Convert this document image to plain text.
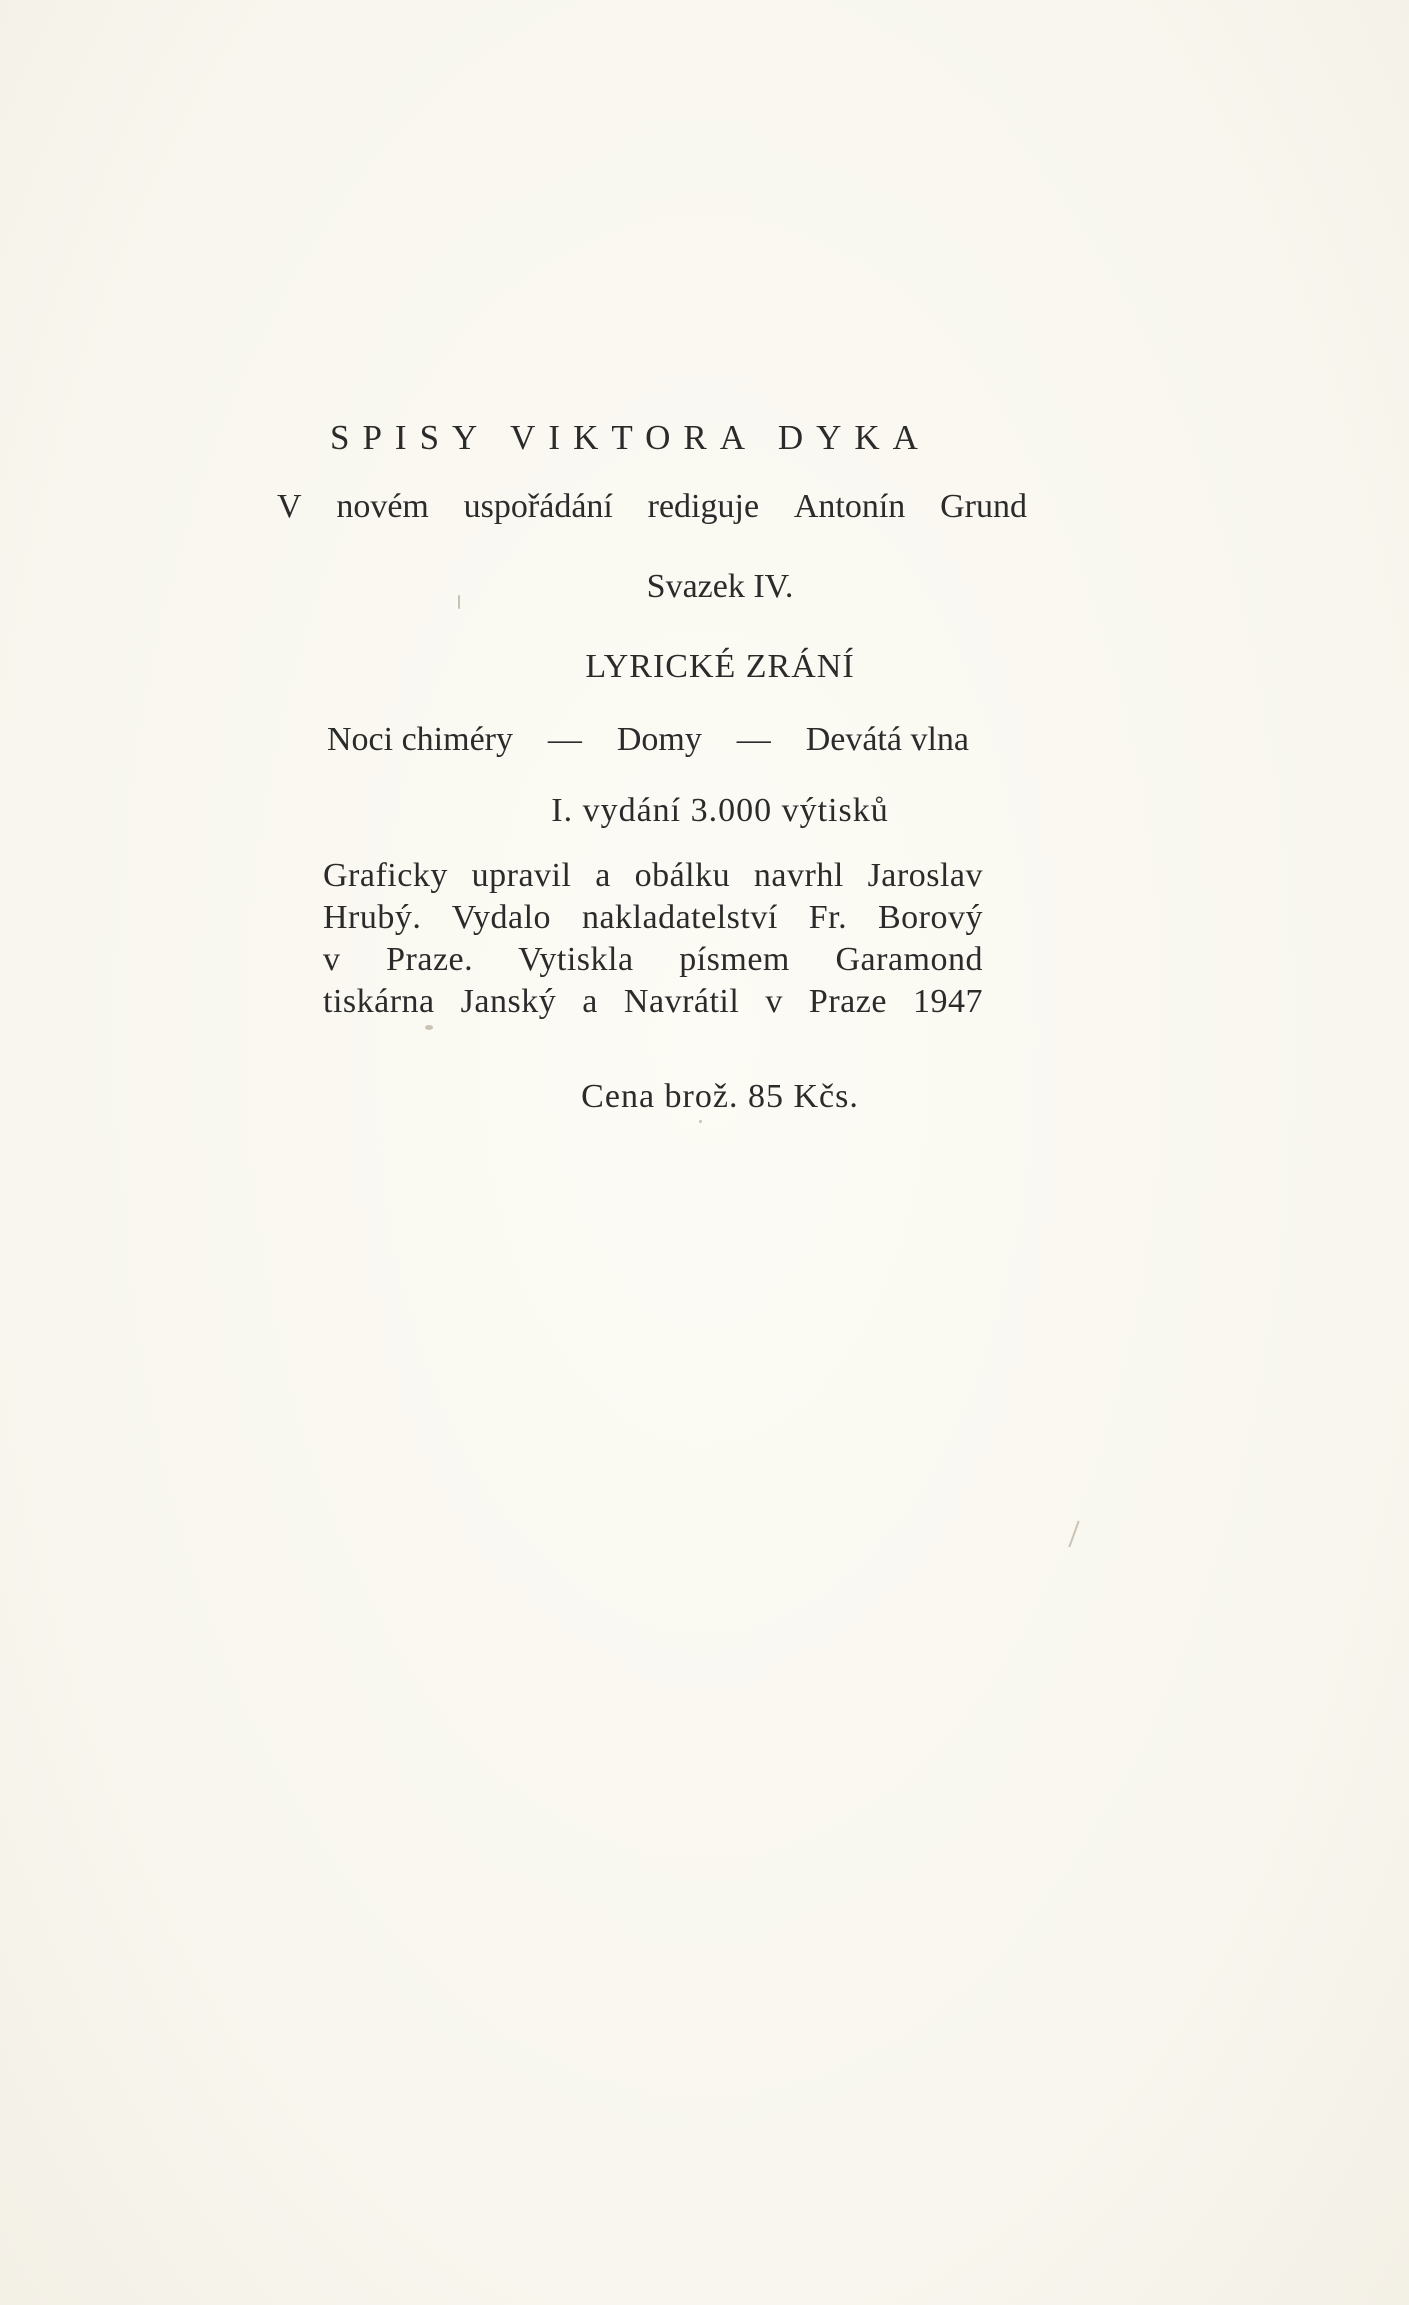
SPISY VIKTORA DYKA
V novém uspořádání rediguje Antonín Grund
Svazek IV.
LYRICKÉ ZRÁNÍ
Noci chiméry — Domy — Devátá vlna
I. vydání 3.000 výtisků
Graficky upravil a obálku navrhl Jaroslav
Hrubý. Vydalo nakladatelství Fr. Borový
v Praze. Vytiskla písmem Garamond
tiskárna Janský a Navrátil v Praze 1947
Cena brož. 85 Kčs.
